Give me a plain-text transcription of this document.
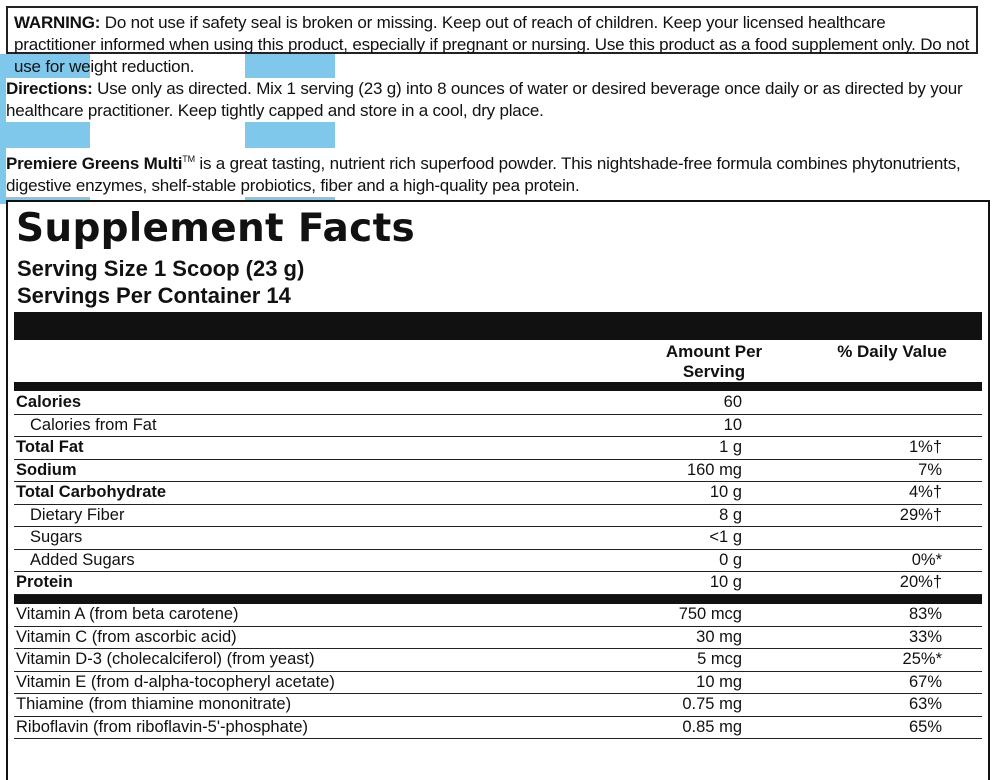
WARNING: Do not use if safety seal is broken or missing. Keep out of reach of children. Keep your licensed healthcare practitioner informed when using this product, especially if pregnant or nursing. Use this product as a food supplement only. Do not use for weight reduction.
Directions: Use only as directed. Mix 1 serving (23 g) into 8 ounces of water or desired beverage once daily or as directed by your healthcare practitioner. Keep tightly capped and store in a cool, dry place.
Premiere Greens Multi™ is a great tasting, nutrient rich superfood powder. This nightshade-free formula combines phytonutrients, digestive enzymes, shelf-stable probiotics, fiber and a high-quality pea protein.
Supplement Facts
Serving Size 1 Scoop (23 g)
Servings Per Container 14
Amount Per Serving
% Daily Value
Calories	60
Calories from Fat	10
Total Fat	1 g	1%†
Sodium	160 mg	7%
Total Carbohydrate	10 g	4%†
Dietary Fiber	8 g	29%†
Sugars	<1 g
Added Sugars	0 g	0%*
Protein	10 g	20%†
Vitamin A (from beta carotene)	750 mcg	83%
Vitamin C (from ascorbic acid)	30 mg	33%
Vitamin D-3 (cholecalciferol) (from yeast)	5 mcg	25%*
Vitamin E (from d-alpha-tocopheryl acetate)	10 mg	67%
Thiamine (from thiamine mononitrate)	0.75 mg	63%
Riboflavin (from riboflavin-5'-phosphate)	0.85 mg	65%
